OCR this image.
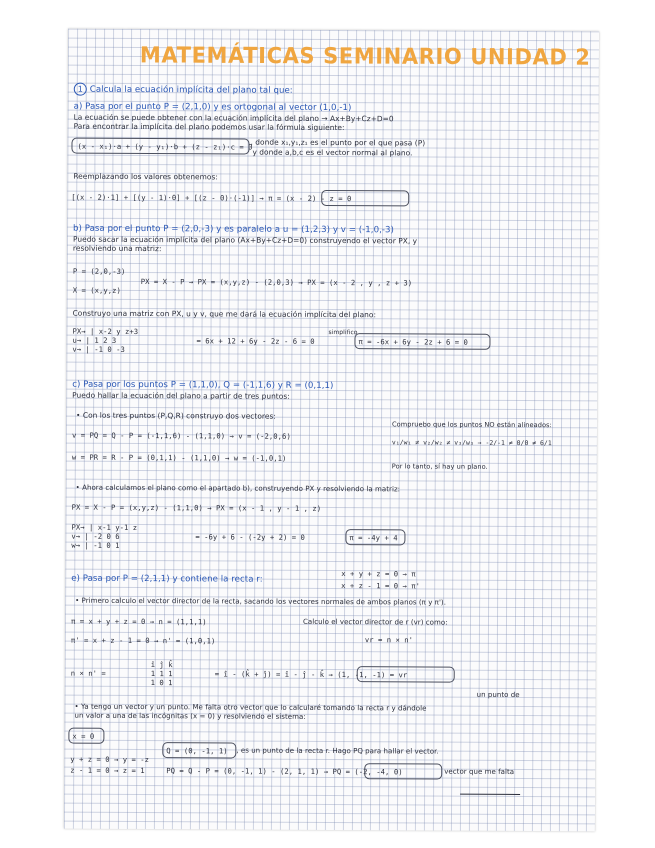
MATEMÁTICAS SEMINARIO UNIDAD 2
1 Calcula la ecuación implícita del plano tal que:
a) Pasa por el punto P = (2,1,0) y es ortogonal al vector (1,0,-1)
La ecuación se puede obtener con la ecuación implícita del plano → Ax+By+Cz+D=0
Para encontrar la implícita del plano podemos usar la fórmula siguiente:
(x - x₁)·a + (y - y₁)·b + (z - z₁)·c = 0
, donde x₁,y₁,z₁ es el punto por el que pasa (P)
y donde a,b,c es el vector normal al plano.
Reemplazando los valores obtenemos:
[(x - 2)·1] + [(y - 1)·0] + [(z - 0)·(-1)] → π = (x - 2) - z = 0
b) Pasa por el punto P = (2,0,-3) y es paralelo a u = (1,2,3) y v = (-1,0,-3)
Puedo sacar la ecuación implícita del plano (Ax+By+Cz+D=0) construyendo el vector PX, y
resolviendo una matriz:
P = (2,0,-3)
X = (x,y,z)
PX = X - P → PX = (x,y,z) - (2,0,3) → PX = (x - 2 , y , z + 3)
Construyo una matriz con PX, u y v, que me dará la ecuación implícita del plano:
PX→ | x-2 y z+3
u→ | 1 2 3
v→ | -1 0 -3
= 6x + 12 + 6y - 2z - 6 = 0
simplifico
π = -6x + 6y - 2z + 6 = 0
c) Pasa por los puntos P = (1,1,0), Q = (-1,1,6) y R = (0,1,1)
Puedo hallar la ecuación del plano a partir de tres puntos:
• Con los tres puntos (P,Q,R) construyo dos vectores:
v = PQ = Q - P = (-1,1,6) - (1,1,0) → v = (-2,0,6)
w = PR = R - P = (0,1,1) - (1,1,0) → w = (-1,0,1)
Compruebo que los puntos NO están alineados:
v₁/w₁ ≠ v₂/w₂ ≠ v₃/w₃ → -2/-1 ≠ 0/0 ≠ 6/1
Por lo tanto, sí hay un plano.
• Ahora calculamos el plano como el apartado b), construyendo PX y resolviendo la matriz:
PX = X - P = (x,y,z) - (1,1,0) → PX = (x - 1 , y - 1 , z)
PX→ | x-1 y-1 z
v→ | -2 0 6
w→ | -1 0 1
= -6y + 6 - (-2y + 2) = 0	π = -4y + 4
e) Pasa por P = (2,1,1) y contiene la recta r:	x + y + z = 0 → π
x + z - 1 = 0 → π'
• Primero calculo el vector director de la recta, sacando los vectores normales de ambos planos (π y π').
π = x + y + z = 0 → n = (1,1,1)
π' = x + z - 1 = 0 → n' = (1,0,1)
Calculo el vector director de r (vr) como:
vr = n × n'
n × n' =
î ĵ k̂
1 1 1
1 0 1
= î - (k̂ + ĵ) = î - ĵ - k̂ → (1, -1, -1) = vr
un punto de
• Ya tengo un vector y un punto. Me falta otro vector que lo calcularé tomando la recta r y dándole
un valor a una de las incógnitas (x = 0) y resolviendo el sistema:
x = 0
y + z = 0 → y = -z
z - 1 = 0 → z = 1
Q = (0, -1, 1) , es un punto de la recta r. Hago PQ para hallar el vector.
PQ = Q - P = (0, -1, 1) - (2, 1, 1) → PQ = (-2, -4, 0)	vector que me falta
